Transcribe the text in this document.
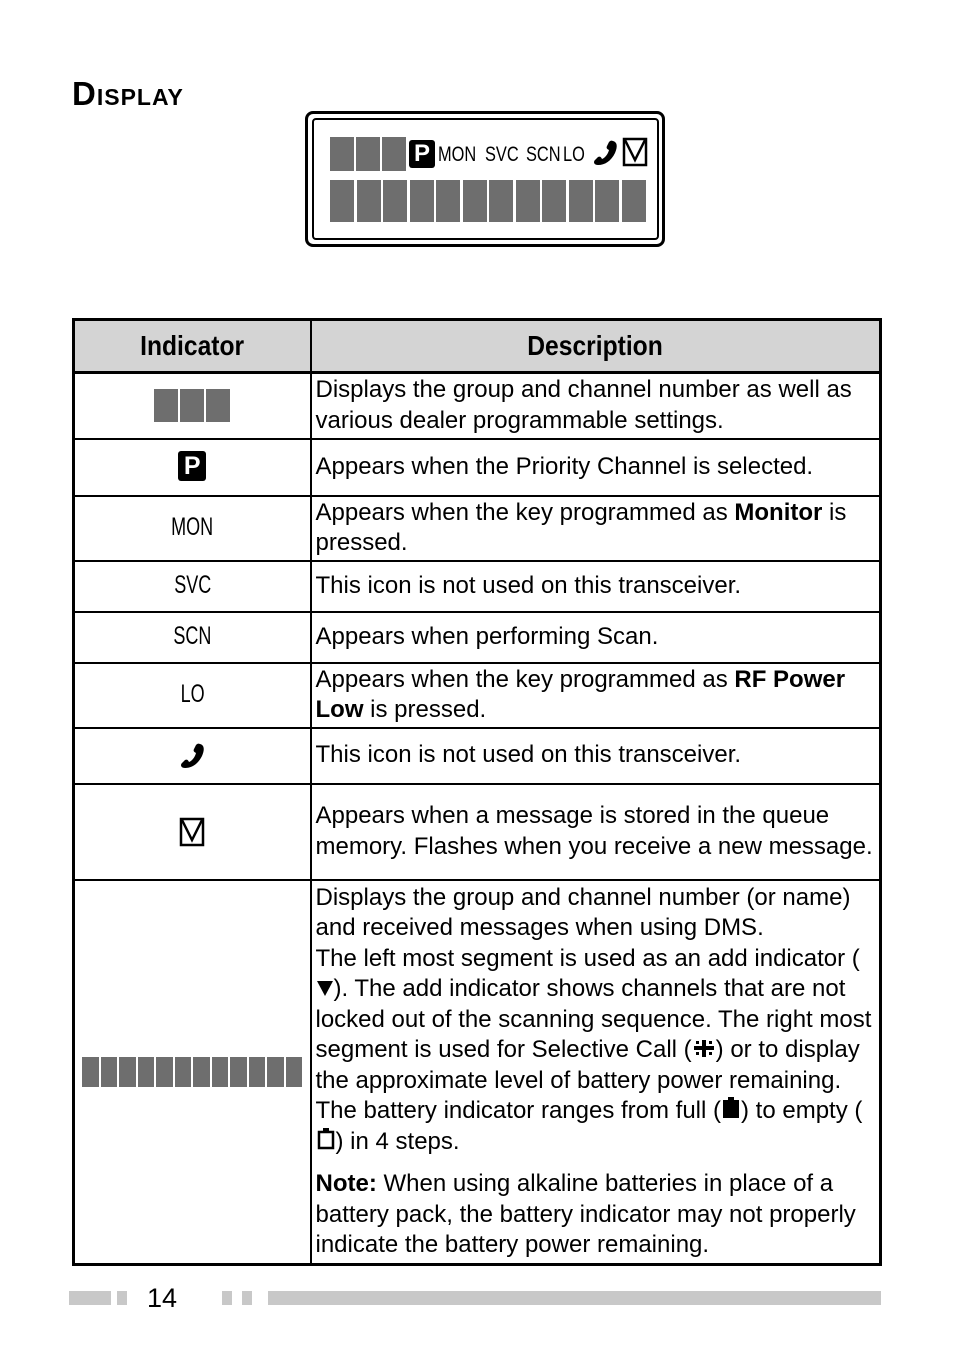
Display
P MON SVC SCN LO
Indicator	Description
	Displays the group and channel number as well as various dealer programmable settings.
P	Appears when the Priority Channel is selected.
MON	Appears when the key programmed as Monitor is pressed.
SVC	This icon is not used on this transceiver.
SCN	Appears when performing Scan.
LO	Appears when the key programmed as RF Power Low is pressed.
	This icon is not used on this transceiver.
	Appears when a message is stored in the queue memory. Flashes when you receive a new message.

	Displays the group and channel number (or name) and received messages when using DMS.
The left most segment is used as an add indicator (). The add indicator shows channels that are not locked out of the scanning sequence. The right most segment is used for Selective Call ( ) or to display the approximate level of battery power remaining. The battery indicator ranges from full ( ) to empty () in 4 steps.
Note: When using alkaline batteries in place of a battery pack, the battery indicator may not properly indicate the battery power remaining.
14
